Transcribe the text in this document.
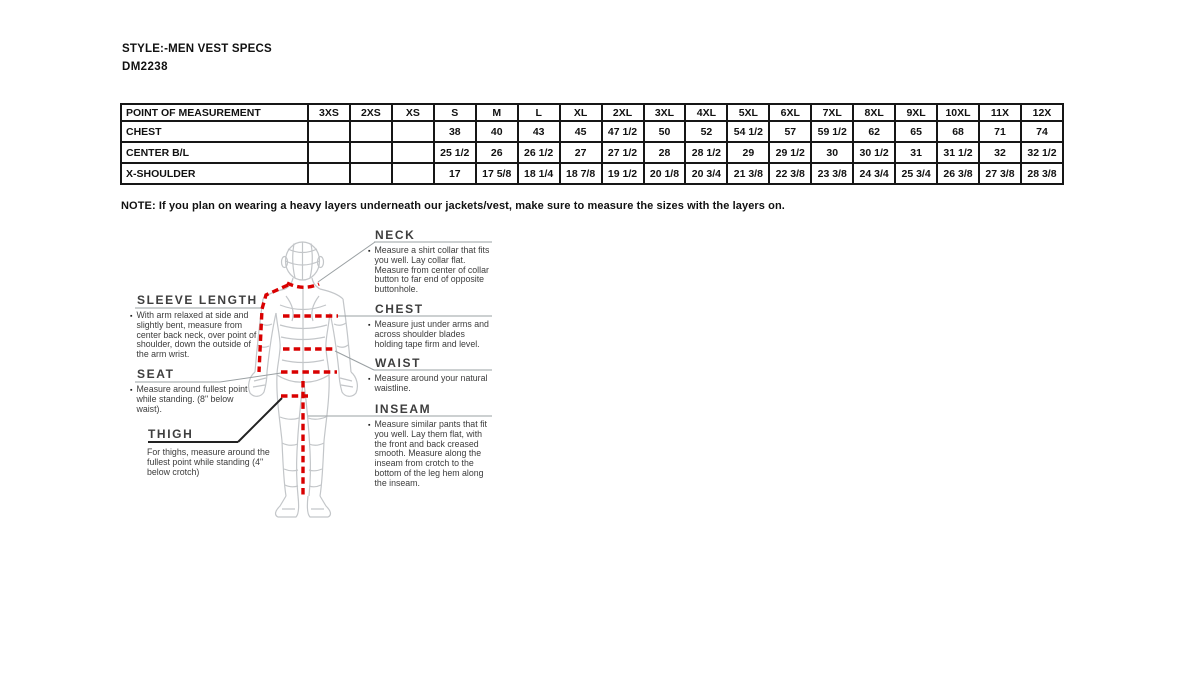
STYLE:-MEN VEST SPECS
DM2238
POINT OF MEASUREMENT	3XS	2XS	XS	S	M	L	XL	2XL	3XL	4XL	5XL	6XL	7XL	8XL	9XL	10XL	11X	12X
CHEST				38	40	43	45	47 1/2	50	52	54 1/2	57	59 1/2	62	65	68	71	74
CENTER B/L				25 1/2	26	26 1/2	27	27 1/2	28	28 1/2	29	29 1/2	30	30 1/2	31	31 1/2	32	32 1/2
X-SHOULDER				17	17 5/8	18 1/4	18 7/8	19 1/2	20 1/8	20 3/4	21 3/8	22 3/8	23 3/8	24 3/4	25 3/4	26 3/8	27 3/8	28 3/8
NOTE: If you plan on wearing a heavy layers underneath our jackets/vest, make sure to measure the sizes with the layers on.
SLEEVE LENGTH
▪ With arm relaxed at side and slightly bent, measure from center back neck, over point of shoulder, down the outside of the arm wrist.

SEAT
▪ Measure around fullest point while standing. (8" below waist).

THIGH

For thighs, measure around the fullest point while standing (4" below crotch)

NECK
▪ Measure a shirt collar that fits you well. Lay collar flat. Measure from center of collar button to far end of opposite buttonhole.

CHEST
▪ Measure just under arms and across shoulder blades holding tape firm and level.

WAIST
▪ Measure around your natural waistline.

INSEAM
▪ Measure similar pants that fit you well. Lay them flat, with the front and back creased smooth. Measure along the inseam from crotch to the bottom of the leg hem along the inseam.
